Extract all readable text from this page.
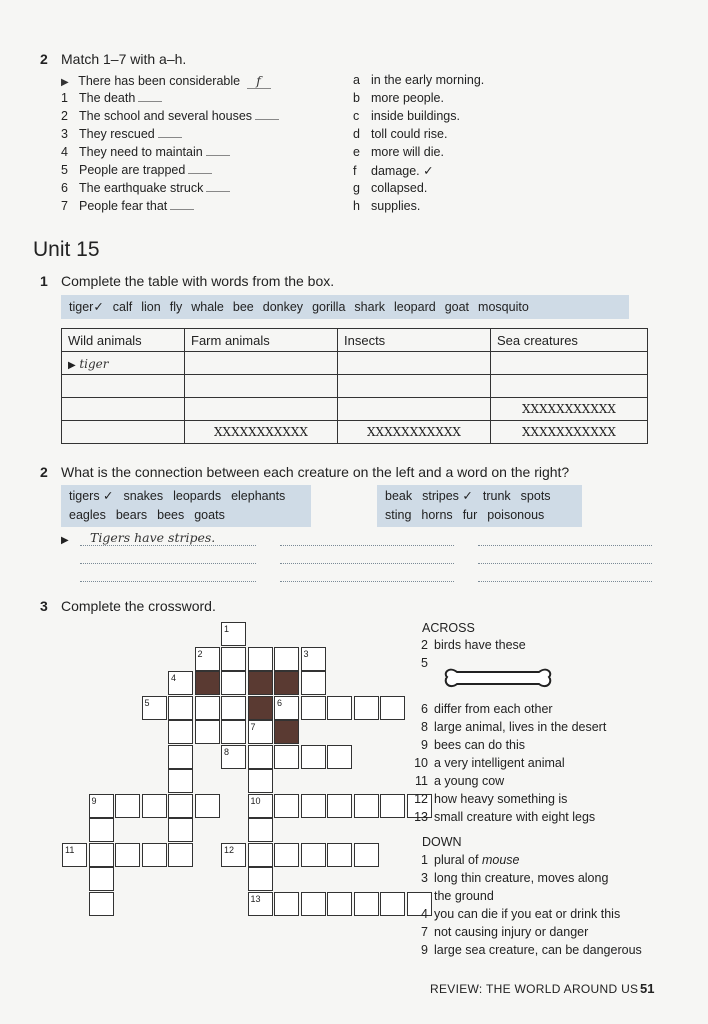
2 Match 1–7 with a–h.
▶ There has been considerable f
1 The death
2 The school and several houses
3 They rescued
4 They need to maintain
5 People are trapped
6 The earthquake struck
7 People fear that
a in the early morning.
b more people.
c inside buildings.
d toll could rise.
e more will die.
f damage. ✓
g collapsed.
h supplies.
Unit 15
1 Complete the table with words from the box.
tiger✓ calf lion fly whale bee donkey gorilla shark leopard goat mosquito
Wild animals	Farm animals	Insects	Sea creatures
▶ tiger			

			XXXXXXXXXXX
	XXXXXXXXXXX	XXXXXXXXXXX	XXXXXXXXXXX
2 What is the connection between each creature on the left and a word on the right?
tigers ✓ snakes leopards elephants
eagles bears bees goats
beak stripes ✓ trunk spots
sting horns fur poisonous
▶ Tigers have stripes.
3 Complete the crossword.
1
2	3
4
5	6
7
8
9	10
11	12
13
ACROSS
2 birds have these
5
6 differ from each other
8 large animal, lives in the desert
9 bees can do this
10 a very intelligent animal
11 a young cow
12 how heavy something is
13 small creature with eight legs
DOWN
1 plural of mouse
3 long thin creature, moves along
the ground
4 you can die if you eat or drink this
7 not causing injury or danger
9 large sea creature, can be dangerous
REVIEW: THE WORLD AROUND US 51
